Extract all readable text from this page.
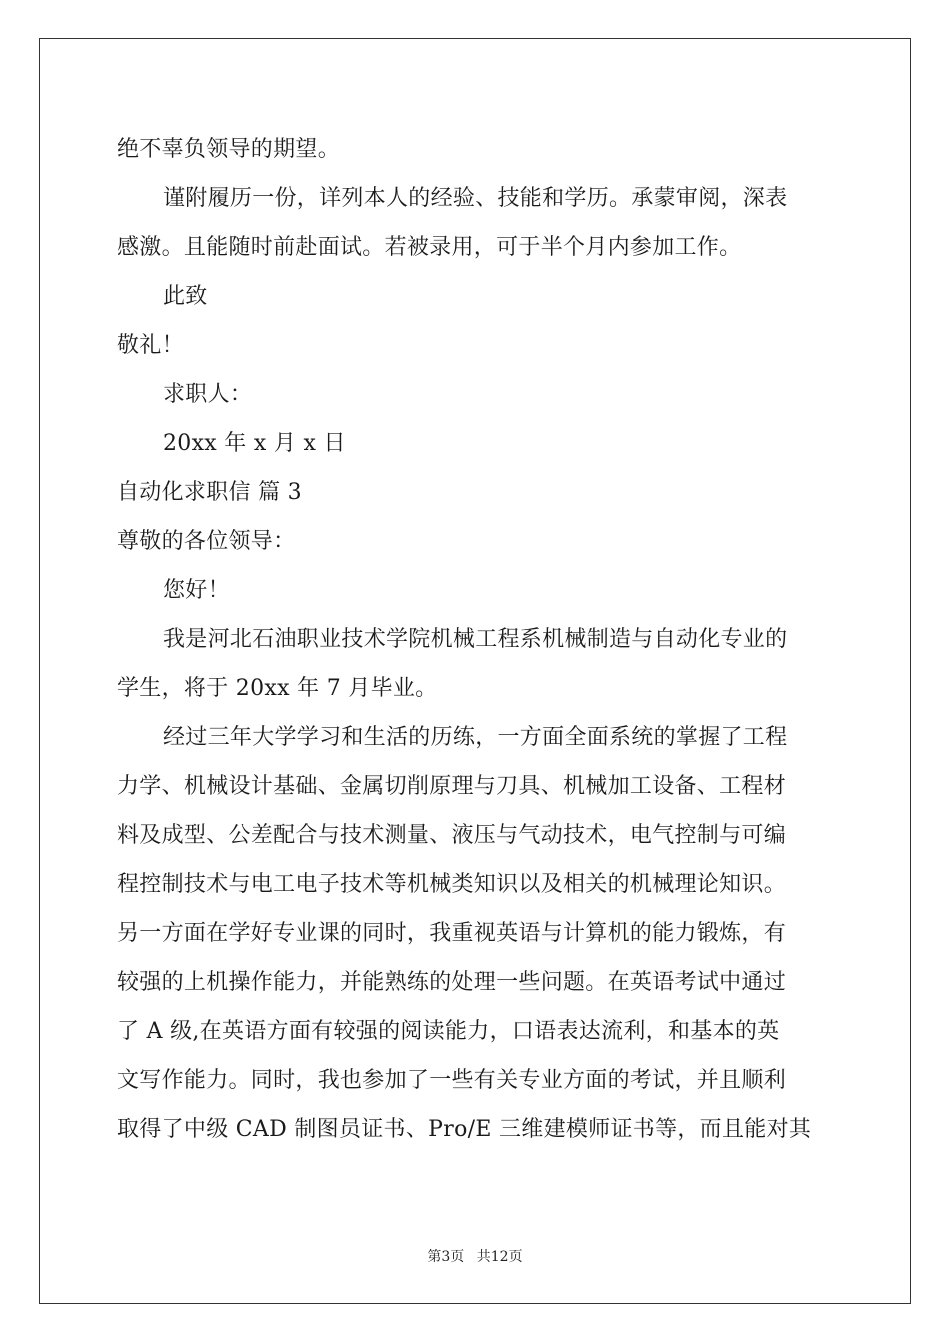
绝不辜负领导的期望。
谨附履历一份，详列本人的经验、技能和学历。承蒙审阅，深表
感激。且能随时前赴面试。若被录用，可于半个月内参加工作。
此致
敬礼！
求职人：
20xx 年 x 月 x 日
自动化求职信 篇 3
尊敬的各位领导：
您好！
我是河北石油职业技术学院机械工程系机械制造与自动化专业的
学生，将于 20xx 年 7 月毕业。
经过三年大学学习和生活的历练，一方面全面系统的掌握了工程
力学、机械设计基础、金属切削原理与刀具、机械加工设备、工程材
料及成型、公差配合与技术测量、液压与气动技术，电气控制与可编
程控制技术与电工电子技术等机械类知识以及相关的机械理论知识。
另一方面在学好专业课的同时，我重视英语与计算机的能力锻炼，有
较强的上机操作能力，并能熟练的处理一些问题。在英语考试中通过
了 A 级,在英语方面有较强的阅读能力，口语表达流利，和基本的英
文写作能力。同时，我也参加了一些有关专业方面的考试，并且顺利
取得了中级 CAD 制图员证书、Pro/E 三维建模师证书等，而且能对其
第3页 共12页
